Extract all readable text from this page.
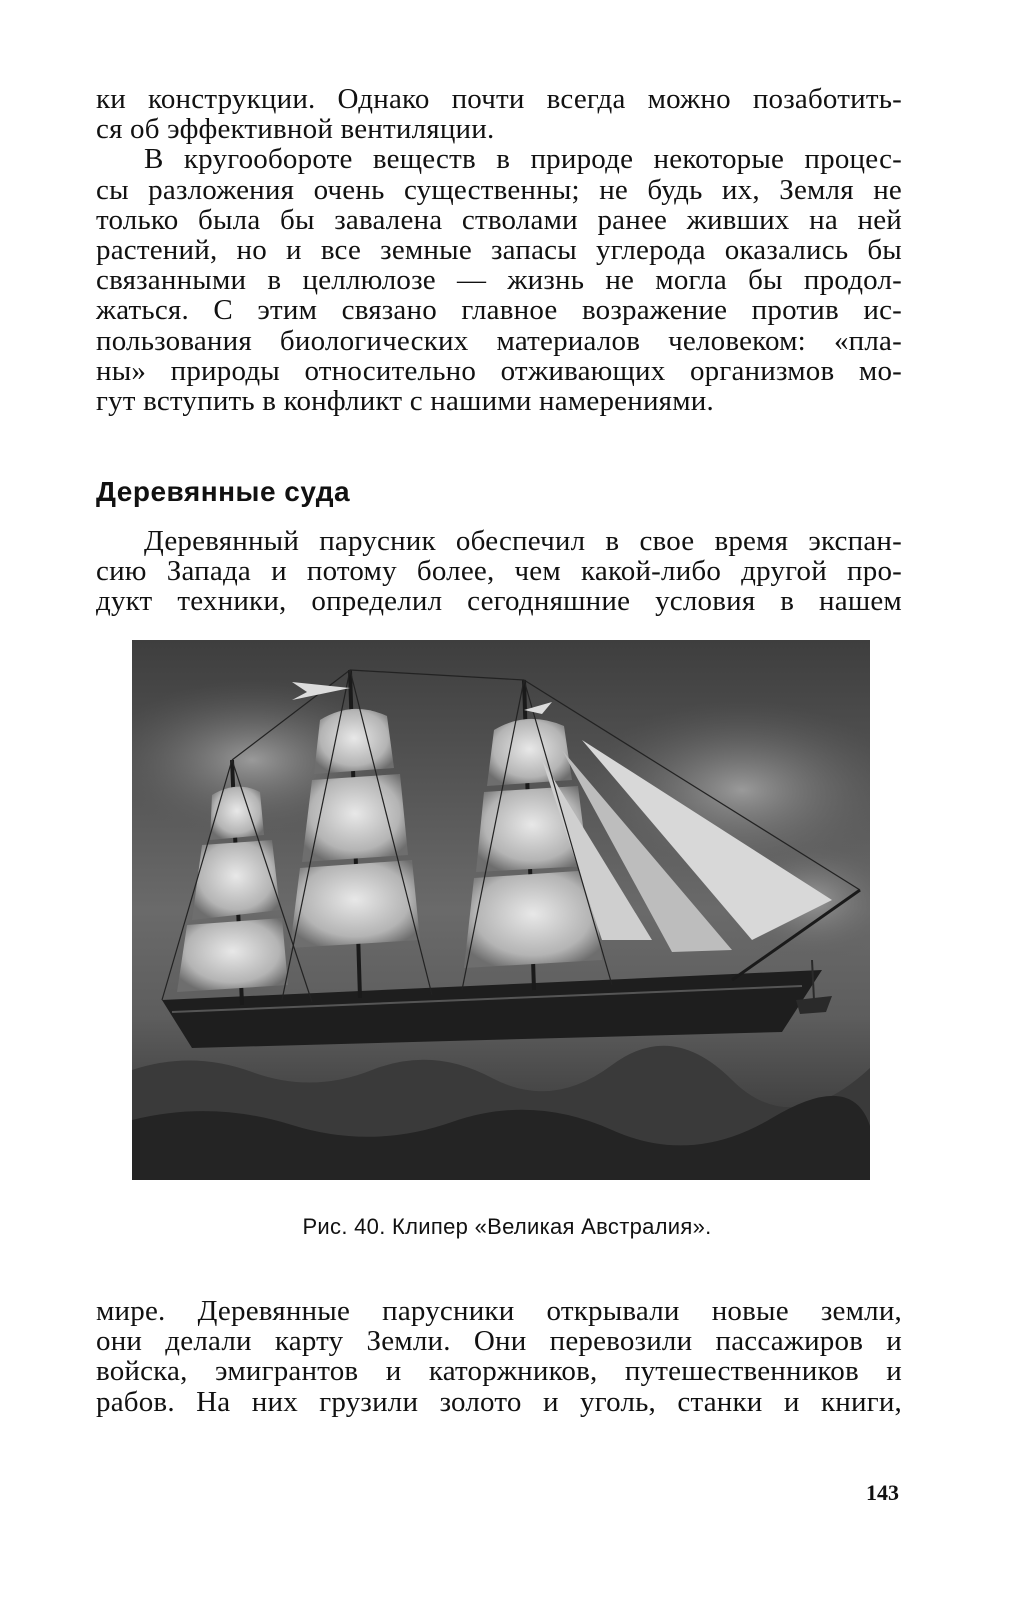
ки конструкции. Однако почти всегда можно позаботить-
ся об эффективной вентиляции.

В кругообороте веществ в природе некоторые процес-
сы разложения очень существенны; не будь их, Земля не
только была бы завалена стволами ранее живших на ней
растений, но и все земные запасы углерода оказались бы
связанными в целлюлозе — жизнь не могла бы продол-
жаться. С этим связано главное возражение против ис-
пользования биологических материалов человеком: «пла-
ны» природы относительно отживающих организмов мо-
гут вступить в конфликт с нашими намерениями.

Деревянные суда

Деревянный парусник обеспечил в свое время экспан-
сию Запада и потому более, чем какой-либо другой про-
дукт техники, определил сегодняшние условия в нашем

Рис. 40. Клипер «Великая Австралия».

мире. Деревянные парусники открывали новые земли,
они делали карту Земли. Они перевозили пассажиров и
войска, эмигрантов и каторжников, путешественников и
рабов. На них грузили золото и уголь, станки и книги,

143
